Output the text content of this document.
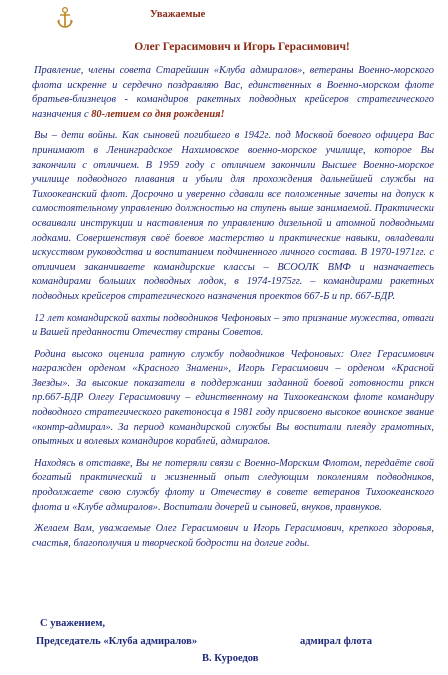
Уважаемые
Олег Герасимович и Игорь Герасимович!

Правление, члены совета Старейшин «Клуба адмиралов», ветераны Военно-морского флота искренне и сердечно поздравляю Вас, единственных в Военно-морском флоте братьев-близнецов - командиров ракетных подводных крейсеров стратегического назначения с 80-летием со дня рождения!

Вы – дети войны. Как сыновей погибшего в 1942г. под Москвой боевого офицера Вас принимают в Ленинградское Нахимовское военно-морское училище, которое Вы закончили с отличием. В 1959 году с отличием закончили Высшее Военно-морское училище подводного плавания и убыли для прохождения дальнейшей службы на Тихоокеанский флот. Досрочно и уверенно сдавали все положенные зачеты на допуск к самостоятельному управлению должностью на ступень выше занимаемой. Практически осваивали инструкции и наставления по управлению дизельной и атомной подводными лодками. Совершенствуя своё боевое мастерство и практические навыки, овладевали искусством руководства и воспитанием подчиненного личного состава. В 1970-1971гг. с отличием заканчиваете командирские классы – ВСООЛК ВМФ и назначаетесь командирами больших подводных лодок, в 1974-1975гг. – командирами ракетных подводных крейсеров стратегического назначения проектов 667-Б и пр. 667-БДР.

12 лет командирской вахты подводников Чефоновых – это признание мужества, отваги и Вашей преданности Отечеству страны Советов.

Родина высоко оценила ратную службу подводников Чефоновых: Олег Герасимович награжден орденом «Красного Знамени», Игорь Герасимович – орденом «Красной Звезды». За высокие показатели в поддержании заданной боевой готовности рпксн пр.667-БДР Олегу Герасимовичу – единственному на Тихоокеанском флоте командиру подводного стратегического ракетоносца в 1981 году присвоено высокое воинское звание «контр-адмирал». За период командирской службы Вы воспитали плеяду грамотных, опытных и волевых командиров кораблей, адмиралов.

Находясь в отставке, Вы не потеряли связи с Военно-Морским Флотом, передаёте свой богатый практический и жизненный опыт следующим поколениям подводников, продолжаете свою службу флоту и Отечеству в совете ветеранов Тихоокеанского флота и «Клубе адмиралов». Воспитали дочерей и сыновей, внуков, правнуков.

Желаем Вам, уважаемые Олег Герасимович и Игорь Герасимович, крепкого здоровья, счастья, благополучия и творческой бодрости на долгие годы.

С уважением,
Председатель «Клуба адмиралов»	адмирал флота
В. Куроедов
